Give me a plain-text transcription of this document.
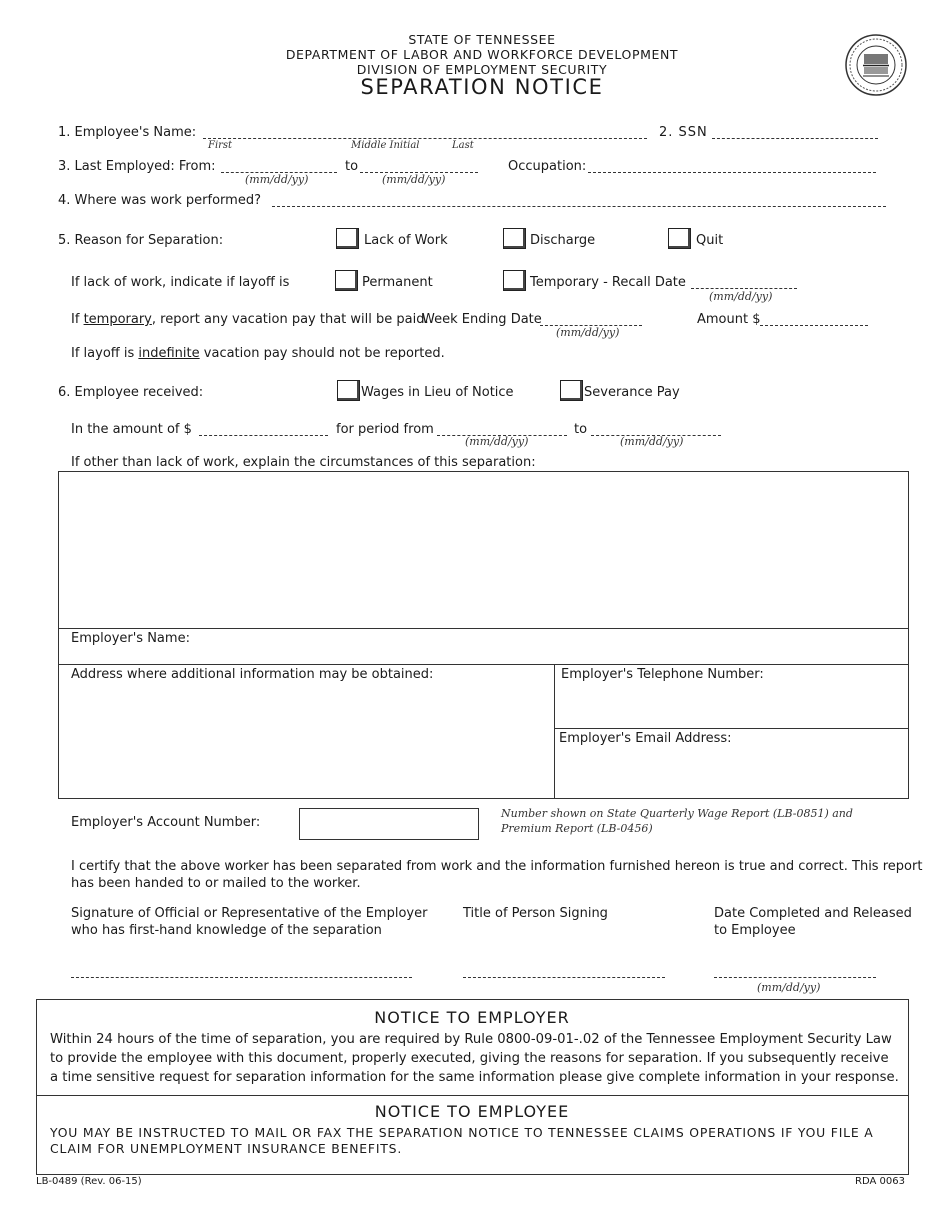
STATE OF TENNESSEE
DEPARTMENT OF LABOR AND WORKFORCE DEVELOPMENT
DIVISION OF EMPLOYMENT SECURITY
SEPARATION NOTICE
1. Employee's Name:
First	Middle Initial	Last
2. SSN
3. Last Employed: From:	to
(mm/dd/yy)	(mm/dd/yy)
Occupation:
4. Where was work performed?
5. Reason for Separation:	Lack of Work	Discharge	Quit
If lack of work, indicate if layoff is	Permanent	Temporary - Recall Date
(mm/dd/yy)
If temporary, report any vacation pay that will be paid.
Week Ending Date
(mm/dd/yy)
Amount $
If layoff is indefinite vacation pay should not be reported.
6. Employee received:	Wages in Lieu of Notice	Severance Pay
In the amount of $	for period from
(mm/dd/yy)
to
(mm/dd/yy)
If other than lack of work, explain the circumstances of this separation:
Employer's Name:
Address where additional information may be obtained:	Employer's Telephone Number:
Employer's Email Address:
Employer's Account Number:
Number shown on State Quarterly Wage Report (LB-0851) and
Premium Report (LB-0456)
I certify that the above worker has been separated from work and the information furnished hereon is true and correct. This report
has been handed to or mailed to the worker.
Signature of Official or Representative of the Employer
who has first-hand knowledge of the separation
Title of Person Signing	Date Completed and Released
to Employee
(mm/dd/yy)
NOTICE TO EMPLOYER
Within 24 hours of the time of separation, you are required by Rule 0800-09-01-.02 of the Tennessee Employment Security Law to provide the employee with this document, properly executed, giving the reasons for separation. If you subsequently receive a time sensitive request for separation information for the same information please give complete information in your response.
NOTICE TO EMPLOYEE
YOU MAY BE INSTRUCTED TO MAIL OR FAX THE SEPARATION NOTICE TO TENNESSEE CLAIMS OPERATIONS IF YOU FILE A CLAIM FOR UNEMPLOYMENT INSURANCE BENEFITS.
LB-0489 (Rev. 06-15)	RDA 0063
